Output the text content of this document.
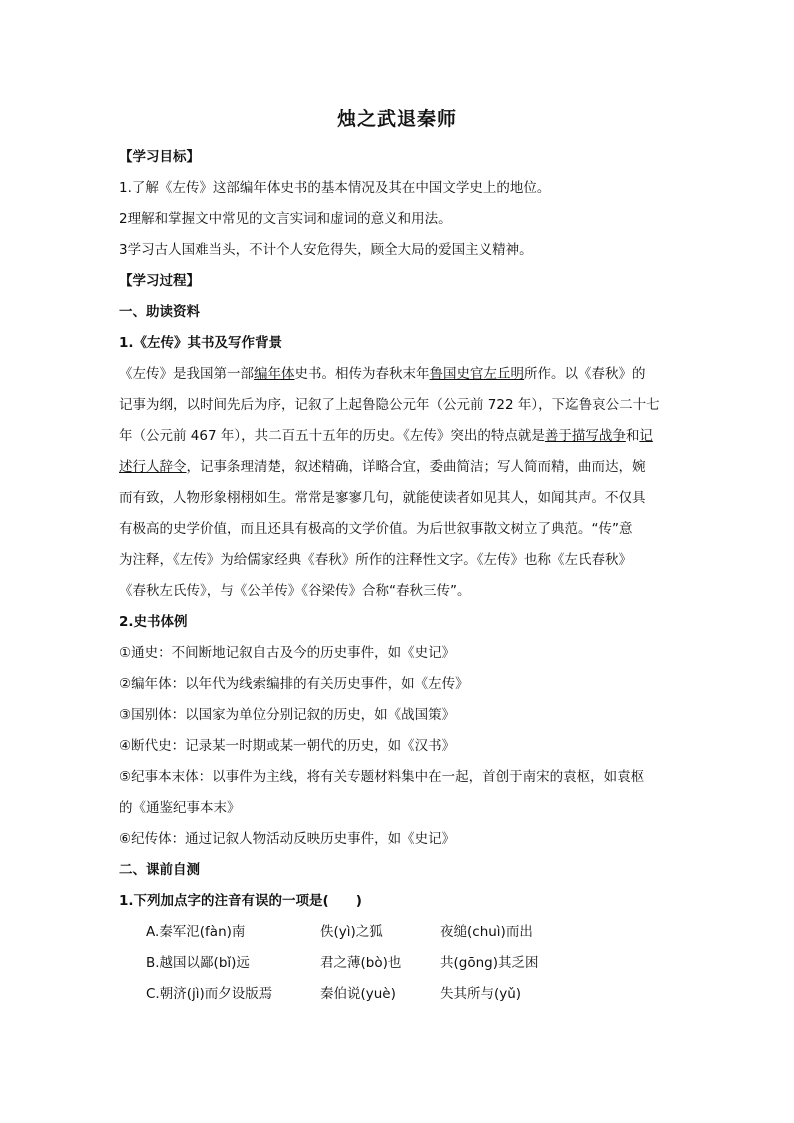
烛之武退秦师
【学习目标】
1.了解《左传》这部编年体史书的基本情况及其在中国文学史上的地位。
2理解和掌握文中常见的文言实词和虚词的意义和用法。
3学习古人国难当头，不计个人安危得失，顾全大局的爱国主义精神。
【学习过程】
一、助读资料
1.《左传》其书及写作背景
《左传》是我国第一部编年体史书。相传为春秋末年鲁国史官左丘明所作。以《春秋》的
记事为纲，以时间先后为序，记叙了上起鲁隐公元年（公元前 722 年），下迄鲁哀公二十七
年（公元前 467 年），共二百五十五年的历史。《左传》突出的特点就是善于描写战争和记
述行人辞令，记事条理清楚，叙述精确，详略合宜，委曲简洁；写人简而精，曲而达，婉
而有致，人物形象栩栩如生。常常是寥寥几句，就能使读者如见其人，如闻其声。不仅具
有极高的史学价值，而且还具有极高的文学价值。为后世叙事散文树立了典范。“传”意
为注释，《左传》为给儒家经典《春秋》所作的注释性文字。《左传》也称《左氏春秋》
《春秋左氏传》，与《公羊传》《谷梁传》合称“春秋三传”。
2.史书体例
①通史：不间断地记叙自古及今的历史事件，如《史记》
②编年体：以年代为线索编排的有关历史事件，如《左传》
③国别体：以国家为单位分别记叙的历史，如《战国策》
④断代史：记录某一时期或某一朝代的历史，如《汉书》
⑤纪事本末体：以事件为主线，将有关专题材料集中在一起，首创于南宋的袁枢，如袁枢
的《通鉴纪事本末》
⑥纪传体：通过记叙人物活动反映历史事件，如《史记》
二、课前自测
1.下列加点字的注音有误的一项是(　　)
A.秦军氾(fàn)南	佚(yì)之狐	夜缒(chuì)而出
B.越国以鄙(bǐ)远	君之薄(bò)也	共(gōng)其乏困
C.朝济(jì)而夕设版焉	秦伯说(yuè)	失其所与(yǔ)
